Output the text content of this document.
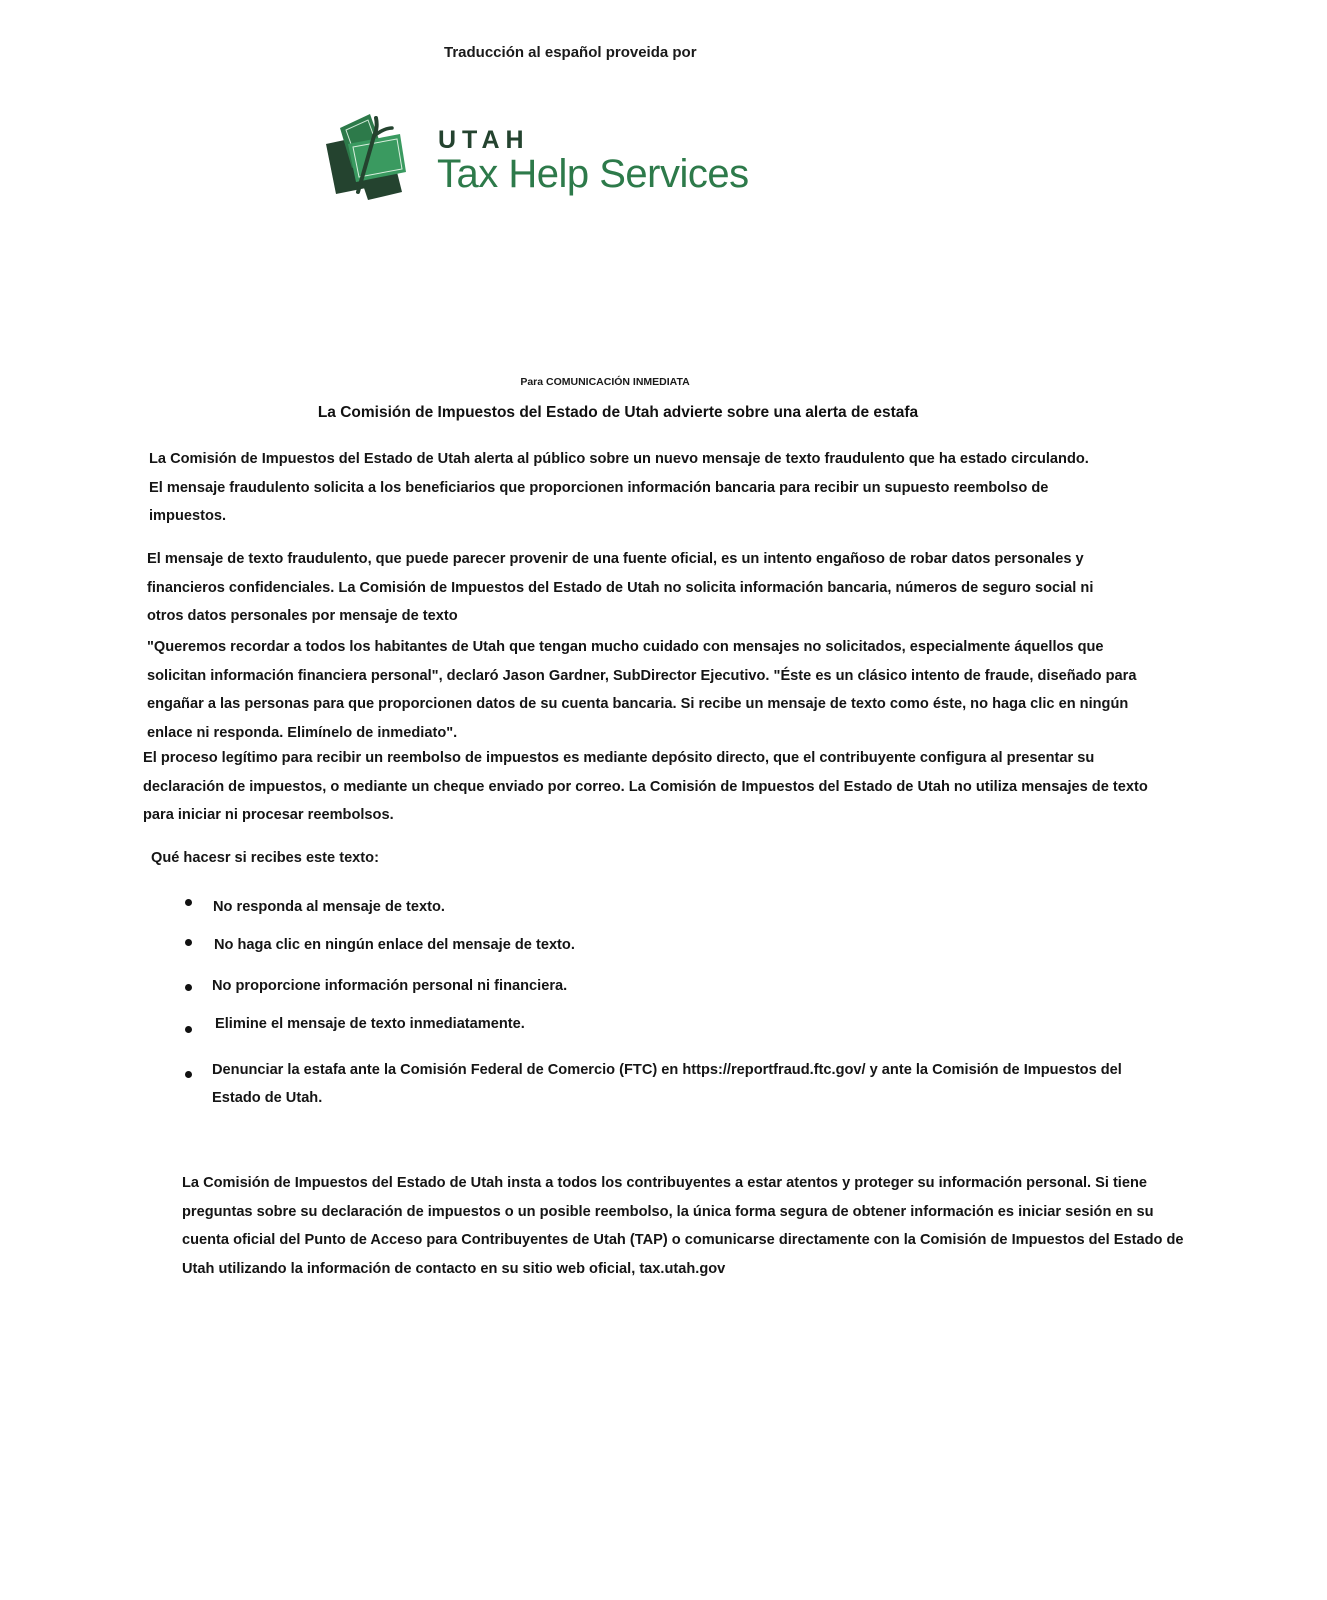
Traducción al español proveida por
UTAH
Tax Help Services
Para COMUNICACIÓN INMEDIATA
La Comisión de Impuestos del Estado de Utah advierte sobre una alerta de estafa
La Comisión de Impuestos del Estado de Utah alerta al público sobre un nuevo mensaje de texto fraudulento que ha estado circulando.
El mensaje fraudulento solicita a los beneficiarios que proporcionen información bancaria para recibir un supuesto reembolso de
impuestos.
El mensaje de texto fraudulento, que puede parecer provenir de una fuente oficial, es un intento engañoso de robar datos personales y
financieros confidenciales. La Comisión de Impuestos del Estado de Utah no solicita información bancaria, números de seguro social ni
otros datos personales por mensaje de texto
"Queremos recordar a todos los habitantes de Utah que tengan mucho cuidado con mensajes no solicitados, especialmente áquellos que
solicitan información financiera personal", declaró Jason Gardner, SubDirector Ejecutivo. "Éste es un clásico intento de fraude, diseñado para
engañar a las personas para que proporcionen datos de su cuenta bancaria. Si recibe un mensaje de texto como éste, no haga clic en ningún
enlace ni responda. Elimínelo de inmediato".
El proceso legítimo para recibir un reembolso de impuestos es mediante depósito directo, que el contribuyente configura al presentar su
declaración de impuestos, o mediante un cheque enviado por correo. La Comisión de Impuestos del Estado de Utah no utiliza mensajes de texto
para iniciar ni procesar reembolsos.
Qué hacesr si recibes este texto:
No responda al mensaje de texto.
No haga clic en ningún enlace del mensaje de texto.
No proporcione información personal ni financiera.
Elimine el mensaje de texto inmediatamente.
Denunciar la estafa ante la Comisión Federal de Comercio (FTC) en https://reportfraud.ftc.gov/ y ante la Comisión de Impuestos del
Estado de Utah.
La Comisión de Impuestos del Estado de Utah insta a todos los contribuyentes a estar atentos y proteger su información personal. Si tiene
preguntas sobre su declaración de impuestos o un posible reembolso, la única forma segura de obtener información es iniciar sesión en su
cuenta oficial del Punto de Acceso para Contribuyentes de Utah (TAP) o comunicarse directamente con la Comisión de Impuestos del Estado de
Utah utilizando la información de contacto en su sitio web oficial, tax.utah.gov
